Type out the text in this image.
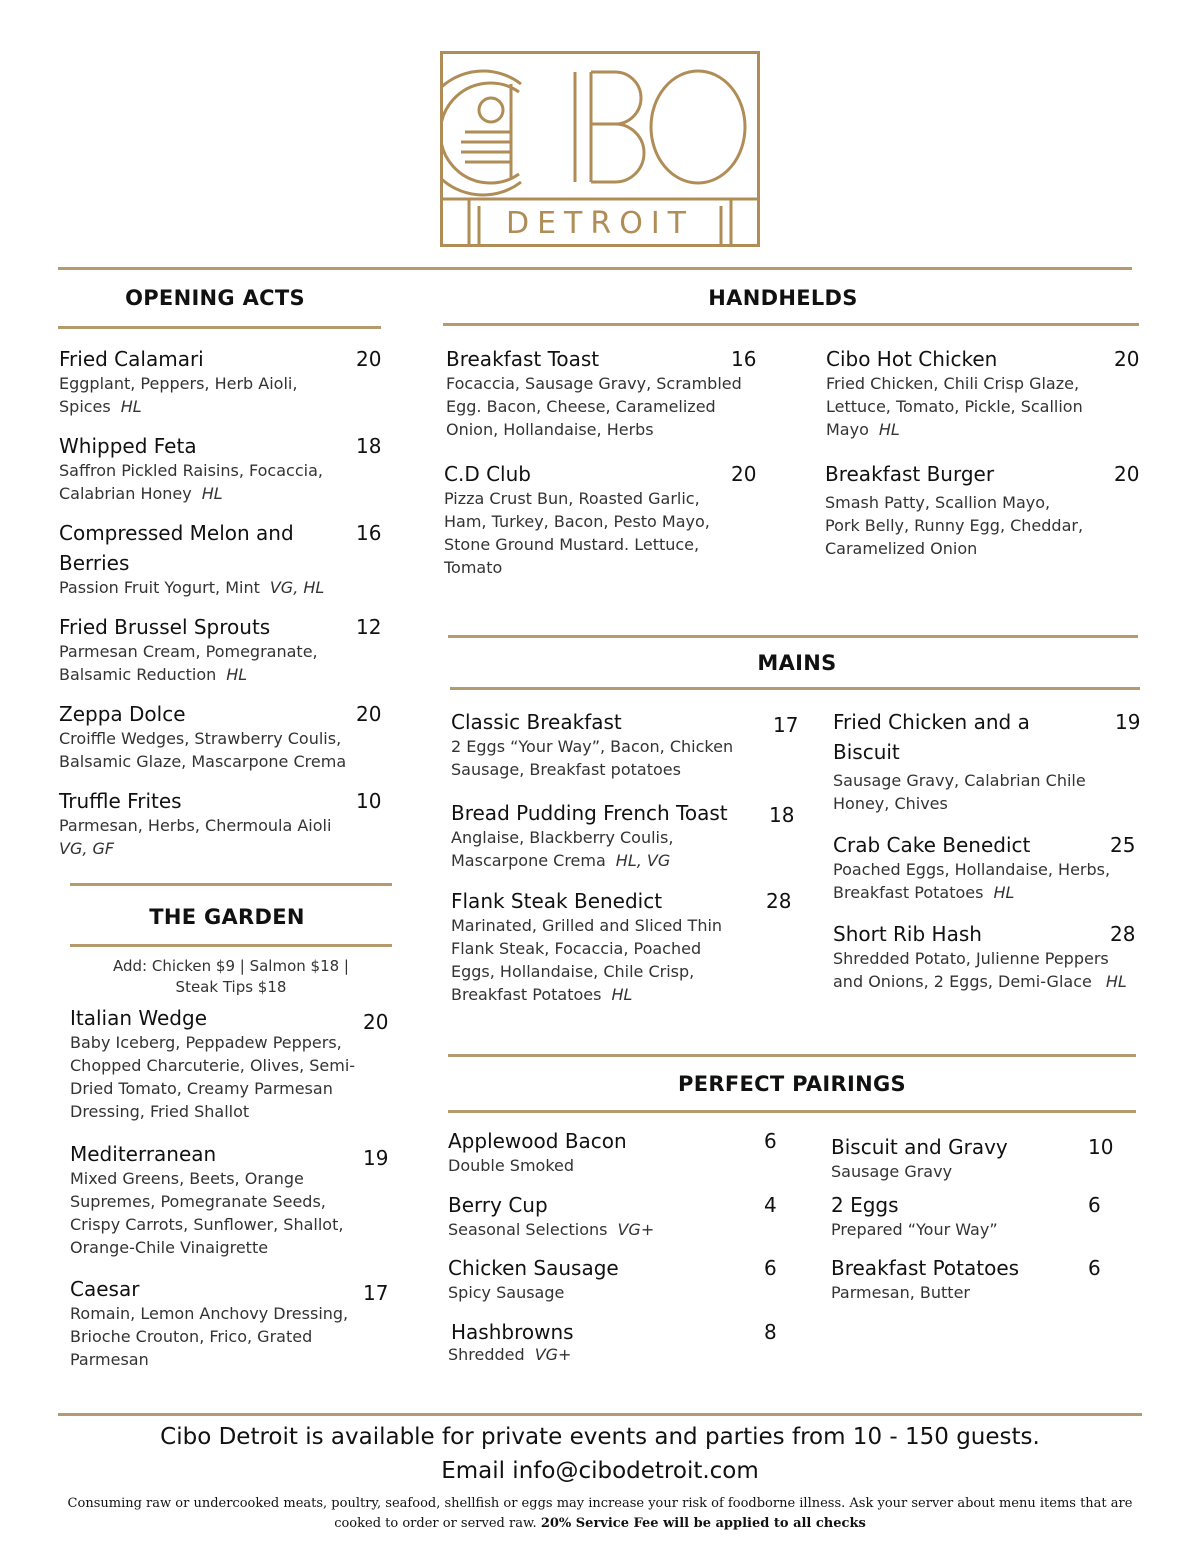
DETROIT
OPENING ACTS
Fried Calamari	20
Eggplant, Peppers, Herb Aioli,
Spices HL
Whipped Feta	18
Saffron Pickled Raisins, Focaccia,
Calabrian Honey HL
Compressed Melon and
Berries
16
Passion Fruit Yogurt, Mint VG, HL
Fried Brussel Sprouts	12
Parmesan Cream, Pomegranate,
Balsamic Reduction HL
Zeppa Dolce	20
Croiffle Wedges, Strawberry Coulis,
Balsamic Glaze, Mascarpone Crema
Truffle Frites	10
Parmesan, Herbs, Chermoula Aioli
VG, GF
THE GARDEN
Add: Chicken $9 | Salmon $18 |
Steak Tips $18
Italian Wedge	20
Baby Iceberg, Peppadew Peppers,
Chopped Charcuterie, Olives, Semi-
Dried Tomato, Creamy Parmesan
Dressing, Fried Shallot
Mediterranean	19
Mixed Greens, Beets, Orange
Supremes, Pomegranate Seeds,
Crispy Carrots, Sunflower, Shallot,
Orange-Chile Vinaigrette
Caesar	17
Romain, Lemon Anchovy Dressing,
Brioche Crouton, Frico, Grated
Parmesan
HANDHELDS
Breakfast Toast	16
Focaccia, Sausage Gravy, Scrambled
Egg. Bacon, Cheese, Caramelized
Onion, Hollandaise, Herbs
Cibo Hot Chicken	20
Fried Chicken, Chili Crisp Glaze,
Lettuce, Tomato, Pickle, Scallion
Mayo HL
C.D Club	20
Pizza Crust Bun, Roasted Garlic,
Ham, Turkey, Bacon, Pesto Mayo,
Stone Ground Mustard. Lettuce,
Tomato
Breakfast Burger	20
Smash Patty, Scallion Mayo,
Pork Belly, Runny Egg, Cheddar,
Caramelized Onion
MAINS
Classic Breakfast	17
2 Eggs “Your Way”, Bacon, Chicken
Sausage, Breakfast potatoes
Fried Chicken and a
Biscuit
19
Sausage Gravy, Calabrian Chile
Honey, Chives
Bread Pudding French Toast 18
Anglaise, Blackberry Coulis,
Mascarpone Crema HL, VG
Crab Cake Benedict	25
Poached Eggs, Hollandaise, Herbs,
Breakfast Potatoes HL
Flank Steak Benedict	28
Marinated, Grilled and Sliced Thin
Flank Steak, Focaccia, Poached
Eggs, Hollandaise, Chile Crisp,
Breakfast Potatoes HL
Short Rib Hash	28
Shredded Potato, Julienne Peppers
and Onions, 2 Eggs, Demi-Glace HL
PERFECT PAIRINGS
Applewood Bacon	6
Double Smoked
Biscuit and Gravy	10
Sausage Gravy
Berry Cup	4
Seasonal Selections VG+
2 Eggs	6
Prepared “Your Way”
Chicken Sausage	6
Spicy Sausage
Breakfast Potatoes	6
Parmesan, Butter
Hashbrowns	8
Shredded VG+
Cibo Detroit is available for private events and parties from 10 - 150 guests.
Email info@cibodetroit.com
Consuming raw or undercooked meats, poultry, seafood, shellfish or eggs may increase your risk of foodborne illness. Ask your server about menu items that are cooked to order or served raw. 20% Service Fee will be applied to all checks
